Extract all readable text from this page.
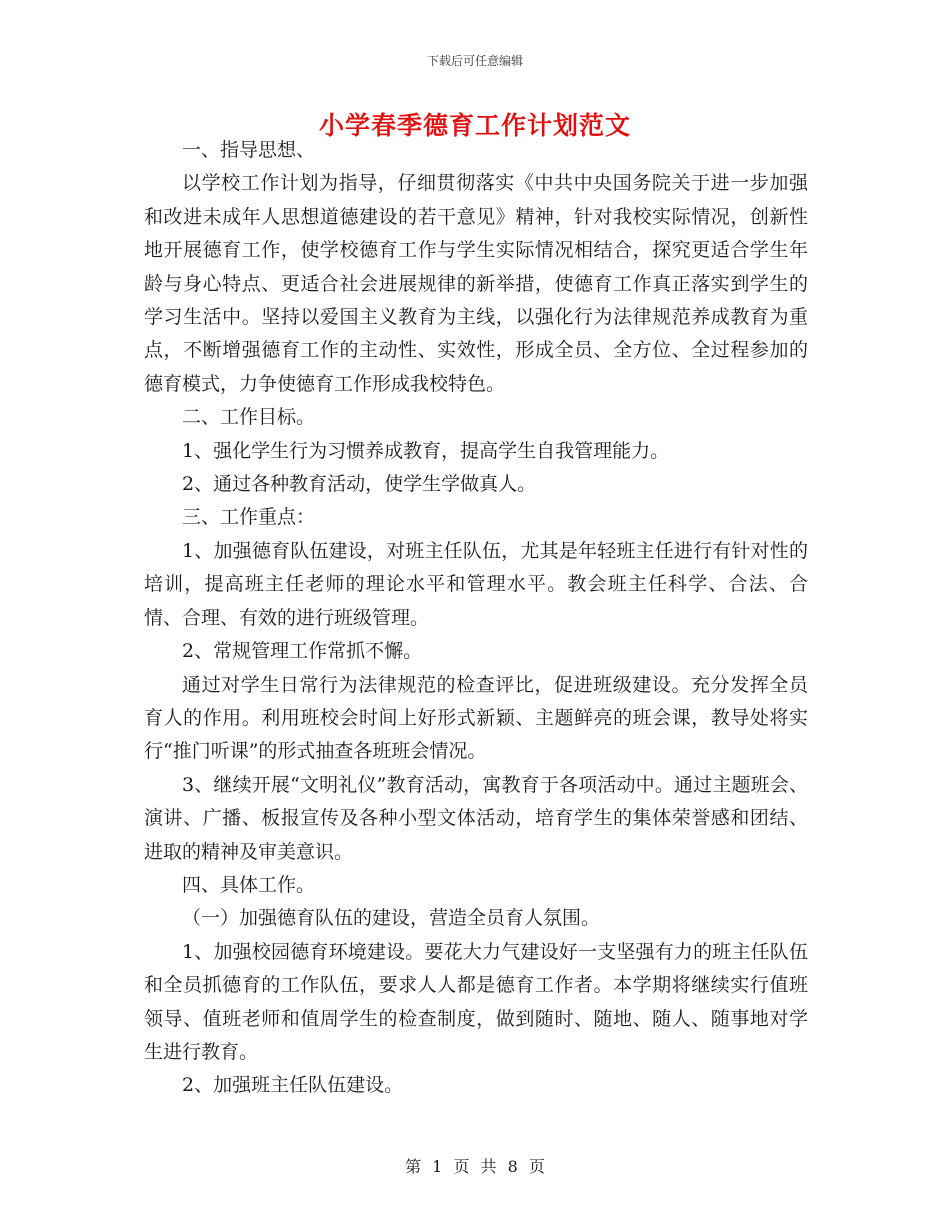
下载后可任意编辑
小学春季德育工作计划范文

一、指导思想、

以学校工作计划为指导，仔细贯彻落实《中共中央国务院关于进一步加强和改进未成年人思想道德建设的若干意见》精神，针对我校实际情况，创新性地开展德育工作，使学校德育工作与学生实际情况相结合，探究更适合学生年龄与身心特点、更适合社会进展规律的新举措，使德育工作真正落实到学生的学习生活中。坚持以爱国主义教育为主线，以强化行为法律规范养成教育为重点，不断增强德育工作的主动性、实效性，形成全员、全方位、全过程参加的德育模式，力争使德育工作形成我校特色。

二、工作目标。

1、强化学生行为习惯养成教育，提高学生自我管理能力。

2、通过各种教育活动，使学生学做真人。

三、工作重点：

1、加强德育队伍建设，对班主任队伍，尤其是年轻班主任进行有针对性的培训，提高班主任老师的理论水平和管理水平。教会班主任科学、合法、合情、合理、有效的进行班级管理。

2、常规管理工作常抓不懈。

通过对学生日常行为法律规范的检查评比，促进班级建设。充分发挥全员育人的作用。利用班校会时间上好形式新颖、主题鲜亮的班会课，教导处将实行“推门听课”的形式抽查各班班会情况。

3、继续开展“文明礼仪”教育活动，寓教育于各项活动中。通过主题班会、演讲、广播、板报宣传及各种小型文体活动，培育学生的集体荣誉感和团结、进取的精神及审美意识。

四、具体工作。

（一）加强德育队伍的建设，营造全员育人氛围。

1、加强校园德育环境建设。要花大力气建设好一支坚强有力的班主任队伍和全员抓德育的工作队伍，要求人人都是德育工作者。本学期将继续实行值班领导、值班老师和值周学生的检查制度，做到随时、随地、随人、随事地对学生进行教育。

2、加强班主任队伍建设。

第 1 页 共 8 页
